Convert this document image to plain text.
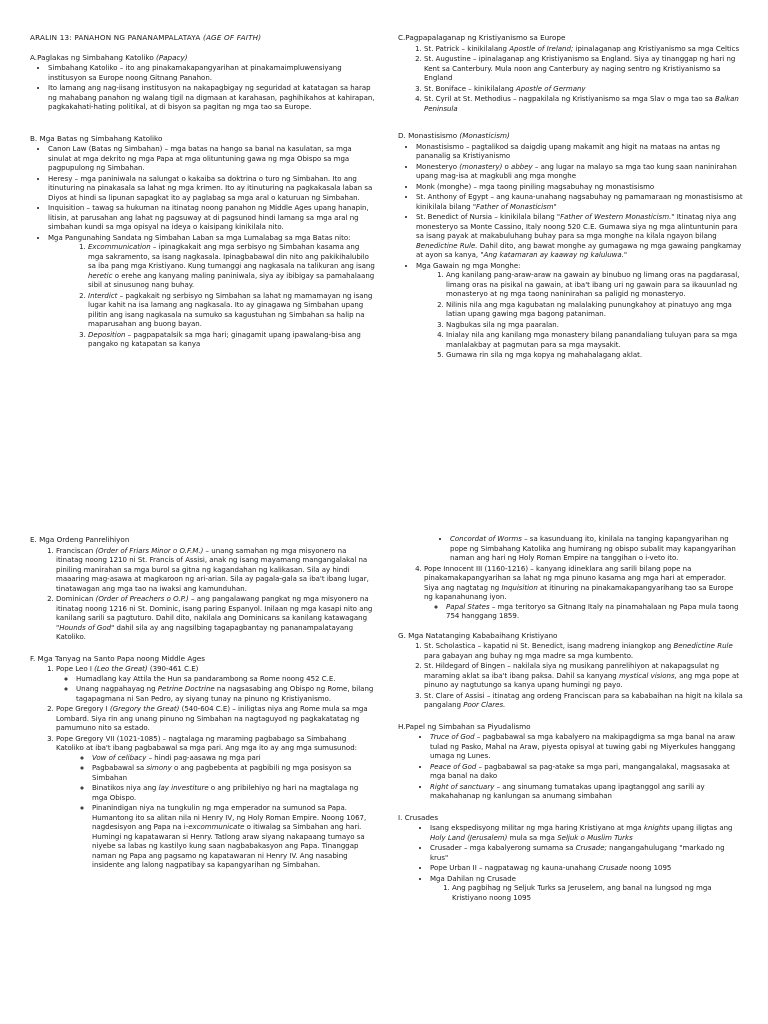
ARALIN 13: PANAHON NG PANANAMPALATAYA (AGE OF FAITH)

A.Paglakas ng Simbahang Katoliko (Papacy)

• Simbahang Katoliko – ito ang pinakamakapangyarihan at pinakamaimpluwensiyang institusyon sa Europe noong Gitnang Panahon.
• Ito lamang ang nag-iisang institusyon na nakapagbigay ng seguridad at katatagan sa harap ng mahabang panahon ng walang tigil na digmaan at karahasan, paghihikahos at kahirapan, pagkakahati-hating politikal, at di bisyon sa pagitan ng mga tao sa Europe.

B. Mga Batas ng Simbahang Katoliko

• Canon Law (Batas ng Simbahan) – mga batas na hango sa banal na kasulatan, sa mga sinulat at mga dekrito ng mga Papa at mga olituntuning gawa ng mga Obispo sa mga pagpupulong ng Simbahan.
• Heresy – mga paniniwala na salungat o kakaiba sa doktrina o turo ng Simbahan. Ito ang itinuturing na pinakasala sa lahat ng mga krimen. Ito ay itinuturing na pagkakasala laban sa Diyos at hindi sa lipunan sapagkat ito ay paglabag sa mga aral o katuruan ng Simbahan.
• Inquisition – tawag sa hukuman na itinatag noong panahon ng Middle Ages upang hanapin, litisin, at parusahan ang lahat ng pagsuway at di pagsunod hindi lamang sa mga aral ng simbahan kundi sa mga opisyal na ideya o kaisipang kinikilala nito.
• Mga Pangunahing Sandata ng Simbahan Laban sa mga Lumalabag sa mga Batas nito:
1. Excommunication – ipinagkakait ang mga serbisyo ng Simbahan kasama ang mga sakramento, sa isang nagkasala. Ipinagbabawal din nito ang pakikihalubilo sa iba pang mga Kristiyano. Kung tumanggi ang nagkasala na talikuran ang isang heretic o erehe ang kanyang maling paniniwala, siya ay ibibigay sa pamahalaang sibil at sinusunog nang buhay.
2. Interdict – pagkakait ng serbisyo ng Simbahan sa lahat ng mamamayan ng isang lugar kahit na isa lamang ang nagkasala. Ito ay ginagawa ng Simbahan upang pilitin ang isang nagkasala na sumuko sa kagustuhan ng Simbahan sa halip na maparusahan ang buong bayan.
3. Deposition – pagpapatalsik sa mga hari; ginagamit upang ipawalang-bisa ang pangako ng katapatan sa kanya

C.Pagpapalaganap ng Kristiyanismo sa Europe

1. St. Patrick – kinikilalang Apostle of Ireland; ipinalaganap ang Kristiyanismo sa mga Celtics
2. St. Augustine – ipinalaganap ang Kristiyanismo sa England. Siya ay tinanggap ng hari ng Kent sa Canterbury. Mula noon ang Canterbury ay naging sentro ng Kristiyanismo sa England
3. St. Boniface – kinikilalang Apostle of Germany
4. St. Cyril at St. Methodius – nagpakilala ng Kristiyanismo sa mga Slav o mga tao sa Balkan Peninsula

D. Monastisismo (Monasticism)

• Monastisismo – pagtalikod sa daigdig upang makamit ang higit na mataas na antas ng pananalig sa Kristiyanismo
• Monesteryo (monastery) o abbey – ang lugar na malayo sa mga tao kung saan naninirahan upang mag-isa at magkubli ang mga monghe
• Monk (monghe) – mga taong piniling magsabuhay ng monastisismo
• St. Anthony of Egypt – ang kauna-unahang nagsabuhay ng pamamaraan ng monastisismo at kinikilala bilang "Father of Monasticism"
• St. Benedict of Nursia – kinikilala bilang "Father of Western Monasticism." Itinatag niya ang monesteryo sa Monte Cassino, Italy noong 520 C.E. Gumawa siya ng mga alintuntunin para sa isang payak at makabuluhang buhay para sa mga monghe na kilala ngayon bilang Benedictine Rule. Dahil dito, ang bawat monghe ay gumagawa ng mga gawaing pangkamay at ayon sa kanya, "Ang katamaran ay kaaway ng kaluluwa."
• Mga Gawain ng mga Monghe:
1. Ang kanilang pang-araw-araw na gawain ay binubuo ng limang oras na pagdarasal, limang oras na pisikal na gawain, at iba't ibang uri ng gawain para sa ikauunlad ng monasteryo at ng mga taong naninirahan sa paligid ng monasteryo.
2. Nilinis nila ang mga kagubatan ng malalaking punungkahoy at pinatuyo ang mga latian upang gawing mga bagong pataniman.
3. Nagbukas sila ng mga paaralan.
4. Inialay nila ang kanilang mga monastery bilang panandaliang tuluyan para sa mga manlalakbay at pagmutan para sa mga maysakit.
5. Gumawa rin sila ng mga kopya ng mahahalagang aklat.

E. Mga Ordeng Panrelihiyon

1. Franciscan (Order of Friars Minor o O.F.M.) – unang samahan ng mga misyonero na itinatag noong 1210 ni St. Francis of Assisi, anak ng isang mayamang mangangalakal na piniling manirahan sa mga burol sa gitna ng kagandahan ng kalikasan. Sila ay hindi maaaring mag-asawa at magkaroon ng ari-arian. Sila ay pagala-gala sa iba't ibang lugar, tinatawagan ang mga tao na iwaksi ang kamunduhan.
2. Dominican (Order of Preachers o O.P.) – ang pangalawang pangkat ng mga misyonero na itinatag noong 1216 ni St. Dominic, isang paring Espanyol. Inilaan ng mga kasapi nito ang kanilang sarili sa pagtuturo. Dahil dito, nakilala ang Dominicans sa kanilang katawagang "Hounds of God" dahil sila ay ang nagsilbing tagapagbantay ng pananampalatayang Katoliko.

F. Mga Tanyag na Santo Papa noong Middle Ages

1. Pope Leo I (Leo the Great) (390-461 C.E)
◦ Humadlang kay Attila the Hun sa pandarambong sa Rome noong 452 C.E.
◦ Unang nagpahayag ng Petrine Doctrine na nagsasabing ang Obispo ng Rome, bilang tagapagmana ni San Pedro, ay siyang tunay na pinuno ng Kristiyanismo.
2. Pope Gregory I (Gregory the Great) (540-604 C.E) – iniligtas niya ang Rome mula sa mga Lombard. Siya rin ang unang pinuno ng Simbahan na nagtaguyod ng pagkakatatag ng pamumuno nito sa estado.
3. Pope Gregory VII (1021-1085) – nagtalaga ng maraming pagbabago sa Simbahang Katoliko at iba't ibang pagbabawal sa mga pari. Ang mga ito ay ang mga sumusunod:
◦ Vow of celibacy – hindi pag-aasawa ng mga pari
◦ Pagbabawal sa simony o ang pagbebenta at pagbibili ng mga posisyon sa Simbahan
◦ Binatikos niya ang lay investiture o ang pribilehiyo ng hari na magtalaga ng mga Obispo.
◦ Pinanindigan niya na tungkulin ng mga emperador na sumunod sa Papa. Humantong ito sa alitan nila ni Henry IV, ng Holy Roman Empire. Noong 1067, nagdesisyon ang Papa na i-excommunicate o itiwalag sa Simbahan ang hari. Humingi ng kapatawaran si Henry. Tatlong araw siyang nakapaang tumayo sa niyebe sa labas ng kastilyo kung saan nagbabakasyon ang Papa. Tinanggap naman ng Papa ang pagsamo ng kapatawaran ni Henry IV. Ang nasabing insidente ang lalong nagpatibay sa kapangyarihan ng Simbahan.
• Concordat of Worms – sa kasunduang ito, kinilala na tanging kapangyarihan ng pope ng Simbahang Katolika ang humirang ng obispo subalit may kapangyarihan naman ang hari ng Holy Roman Empire na tanggihan o i-veto ito.
4. Pope Innocent III (1160-1216) – kanyang idineklara ang sarili bilang pope na pinakamakapangyarihan sa lahat ng mga pinuno kasama ang mga hari at emperador. Siya ang nagtatag ng Inquisition at itinuring na pinakamakapangyarihang tao sa Europe ng kapanahunang iyon.
◦ Papal States – mga teritoryo sa Gitnang Italy na pinamahalaan ng Papa mula taong 754 hanggang 1859.

G. Mga Natatanging Kababaihang Kristiyano

1. St. Scholastica – kapatid ni St. Benedict, isang madreng iniangkop ang Benedictine Rule para gabayan ang buhay ng mga madre sa mga kumbento.
2. St. Hildegard of Bingen – nakilala siya ng musikang panrelihiyon at nakapagsulat ng maraming aklat sa iba't ibang paksa. Dahil sa kanyang mystical visions, ang mga pope at pinuno ay nagtutungo sa kanya upang humingi ng payo.
3. St. Clare of Assisi – itinatag ang ordeng Franciscan para sa kababaihan na higit na kilala sa pangalang Poor Clares.

H.Papel ng Simbahan sa Piyudalismo

• Truce of God – pagbabawal sa mga kabalyero na makipagdigma sa mga banal na araw tulad ng Pasko, Mahal na Araw, piyesta opisyal at tuwing gabi ng Miyerkules hanggang umaga ng Lunes.
• Peace of God – pagbabawal sa pag-atake sa mga pari, mangangalakal, magsasaka at mga banal na dako
• Right of sanctuary – ang sinumang tumatakas upang ipagtanggol ang sarili ay makahahanap ng kanlungan sa anumang simbahan

I. Crusades

• Isang ekspedisyong militar ng mga haring Kristiyano at mga knights upang iligtas ang Holy Land (Jerusalem) mula sa mga Seljuk o Muslim Turks
• Crusader – mga kabalyerong sumama sa Crusade; nangangahulugang "markado ng krus"
• Pope Urban II – nagpatawag ng kauna-unahang Crusade noong 1095
• Mga Dahilan ng Crusade
1. Ang pagbihag ng Seljuk Turks sa Jeruselem, ang banal na lungsod ng mga Kristiyano noong 1095
